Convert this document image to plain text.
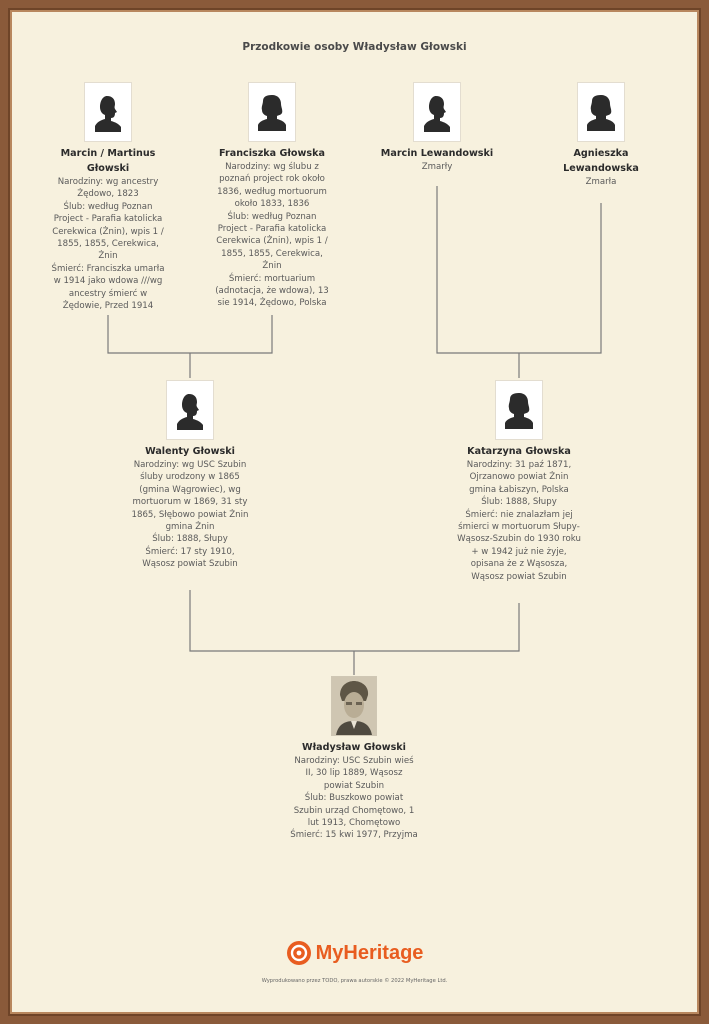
Przodkowie osoby Władysław Głowski
Marcin / Martinus Głowski
Narodziny: wg ancestry Żędowo, 1823
Ślub: według Poznan Project - Parafia katolicka Cerekwica (Żnin), wpis 1 / 1855, 1855, Cerekwica, Żnin
Śmierć: Franciszka umarła w 1914 jako wdowa ///wg ancestry śmierć w Żędowie, Przed 1914
Franciszka Głowska
Narodziny: wg ślubu z poznań project rok około 1836, według mortuorum około 1833, 1836
Ślub: według Poznan Project - Parafia katolicka Cerekwica (Żnin), wpis 1 / 1855, 1855, Cerekwica, Żnin
Śmierć: mortuarium (adnotacja, że wdowa), 13 sie 1914, Żędowo, Polska
Marcin Lewandowski
Zmarły
Agnieszka Lewandowska
Zmarła
Walenty Głowski
Narodziny: wg USC Szubin śluby urodzony w 1865 (gmina Wągrowiec), wg mortuorum w 1869, 31 sty 1865, Słębowo powiat Żnin gmina Żnin
Ślub: 1888, Słupy
Śmierć: 17 sty 1910, Wąsosz powiat Szubin
Katarzyna Głowska
Narodziny: 31 paź 1871, Ojrzanowo powiat Żnin gmina Łabiszyn, Polska
Ślub: 1888, Słupy
Śmierć: nie znalazłam jej śmierci w mortuorum Słupy-Wąsosz-Szubin do 1930 roku + w 1942 już nie żyje, opisana że z Wąsosza, Wąsosz powiat Szubin
Władysław Głowski
Narodziny: USC Szubin wieś II, 30 lip 1889, Wąsosz powiat Szubin
Ślub: Buszkowo powiat Szubin urząd Chomętowo, 1 lut 1913, Chomętowo
Śmierć: 15 kwi 1977, Przyjma
MyHeritage
Wyprodukowano przez TODO, prawa autorskie © 2022 MyHeritage Ltd.
